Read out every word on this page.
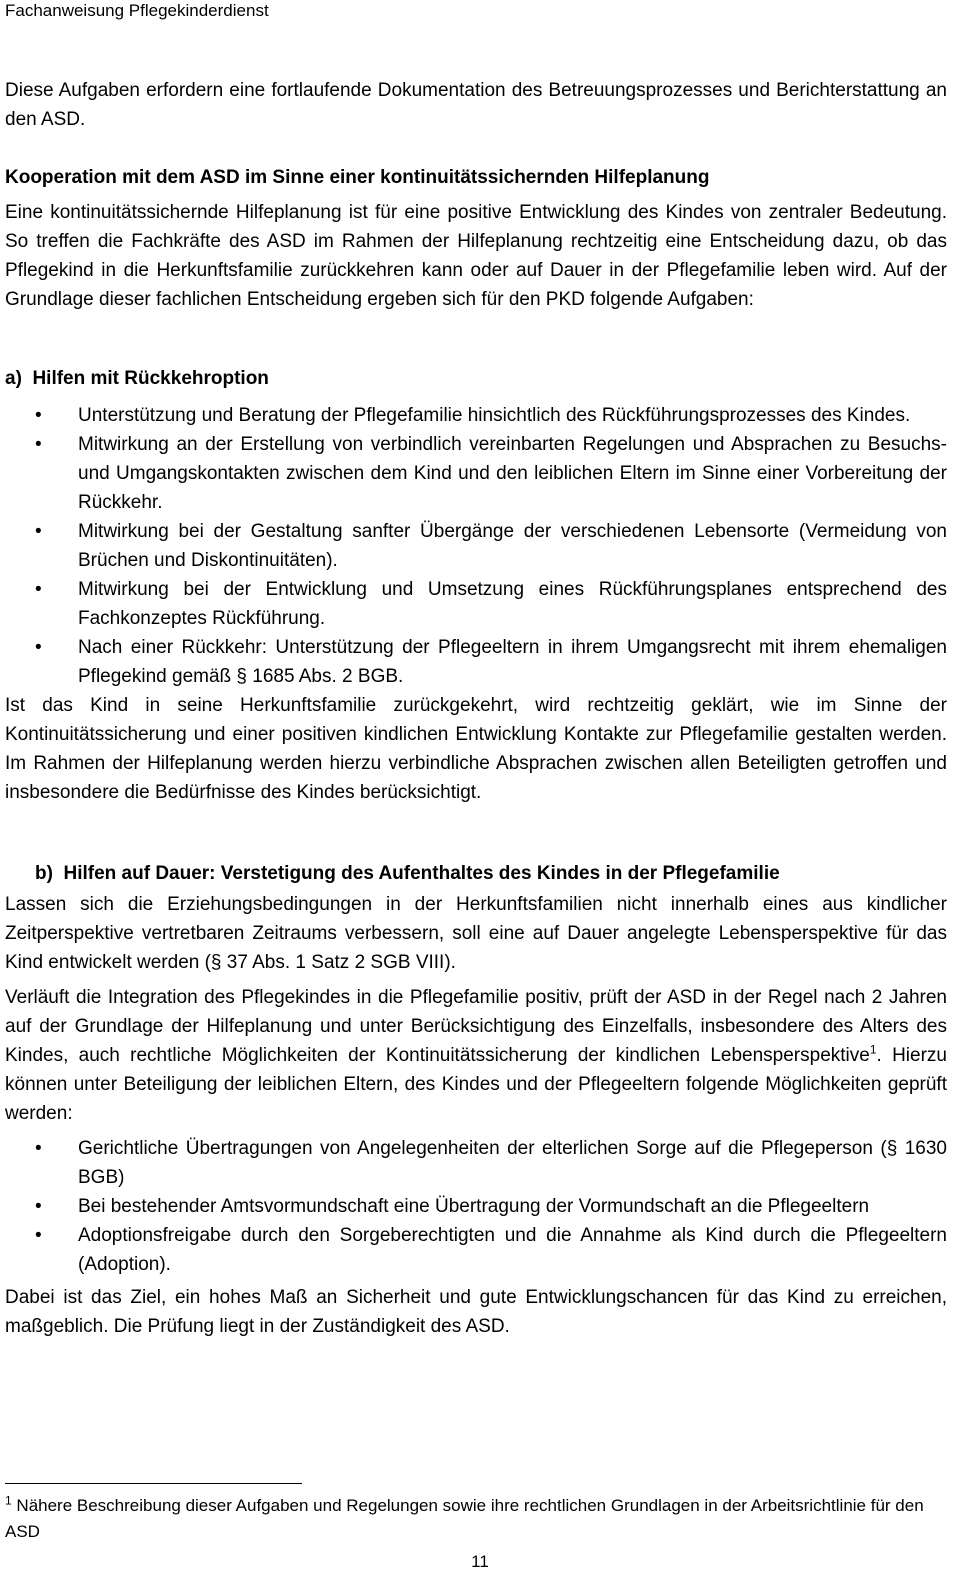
Fachanweisung Pflegekinderdienst

Diese Aufgaben erfordern eine fortlaufende Dokumentation des Betreuungsprozesses und Berichterstattung an den ASD.

Kooperation mit dem ASD im Sinne einer kontinuitätssichernden Hilfeplanung

Eine kontinuitätssichernde Hilfeplanung ist für eine positive Entwicklung des Kindes von zentraler Bedeutung. So treffen die Fachkräfte des ASD im Rahmen der Hilfeplanung rechtzeitig eine Entscheidung dazu, ob das Pflegekind in die Herkunftsfamilie zurückkehren kann oder auf Dauer in der Pflegefamilie leben wird. Auf der Grundlage dieser fachlichen Entscheidung ergeben sich für den PKD folgende Aufgaben:

a)  Hilfen mit Rückkehroption

• Unterstützung und Beratung der Pflegefamilie hinsichtlich des Rückführungsprozesses des Kindes.
• Mitwirkung an der Erstellung von verbindlich vereinbarten Regelungen und Absprachen zu Besuchs- und Umgangskontakten zwischen dem Kind und den leiblichen Eltern im Sinne einer Vorbereitung der Rückkehr.
• Mitwirkung bei der Gestaltung sanfter Übergänge der verschiedenen Lebensorte (Vermeidung von Brüchen und Diskontinuitäten).
• Mitwirkung bei der Entwicklung und Umsetzung eines Rückführungsplanes entsprechend des Fachkonzeptes Rückführung.
• Nach einer Rückkehr: Unterstützung der Pflegeeltern in ihrem Umgangsrecht mit ihrem ehemaligen Pflegekind gemäß § 1685 Abs. 2 BGB.

Ist das Kind in seine Herkunftsfamilie zurückgekehrt, wird rechtzeitig geklärt, wie im Sinne der Kontinuitätssicherung und einer positiven kindlichen Entwicklung Kontakte zur Pflegefamilie gestalten werden. Im Rahmen der Hilfeplanung werden hierzu verbindliche Absprachen zwischen allen Beteiligten getroffen und insbesondere die Bedürfnisse des Kindes berücksichtigt.

b)  Hilfen auf Dauer: Verstetigung des Aufenthaltes des Kindes in der Pflegefamilie

Lassen sich die Erziehungsbedingungen in der Herkunftsfamilien nicht innerhalb eines aus kindlicher Zeitperspektive vertretbaren Zeitraums verbessern, soll eine auf Dauer angelegte Lebensperspektive für das Kind entwickelt werden (§ 37 Abs. 1 Satz 2 SGB VIII).

Verläuft die Integration des Pflegekindes in die Pflegefamilie positiv, prüft der ASD in der Regel nach 2 Jahren auf der Grundlage der Hilfeplanung und unter Berücksichtigung des Einzelfalls, insbesondere des Alters des Kindes, auch rechtliche Möglichkeiten der Kontinuitätssicherung der kindlichen Lebensperspektive$^1$. Hierzu können unter Beteiligung der leiblichen Eltern, des Kindes und der Pflegeeltern folgende Möglichkeiten geprüft werden:

• Gerichtliche Übertragungen von Angelegenheiten der elterlichen Sorge auf die Pflegeperson (§ 1630 BGB)
• Bei bestehender Amtsvormundschaft eine Übertragung der Vormundschaft an die Pflegeeltern
• Adoptionsfreigabe durch den Sorgeberechtigten und die Annahme als Kind durch die Pflegeeltern (Adoption).

Dabei ist das Ziel, ein hohes Maß an Sicherheit und gute Entwicklungschancen für das Kind zu erreichen, maßgeblich. Die Prüfung liegt in der Zuständigkeit des ASD.

$^1$ Nähere Beschreibung dieser Aufgaben und Regelungen sowie ihre rechtlichen Grundlagen in der Arbeitsrichtlinie für den ASD
11
